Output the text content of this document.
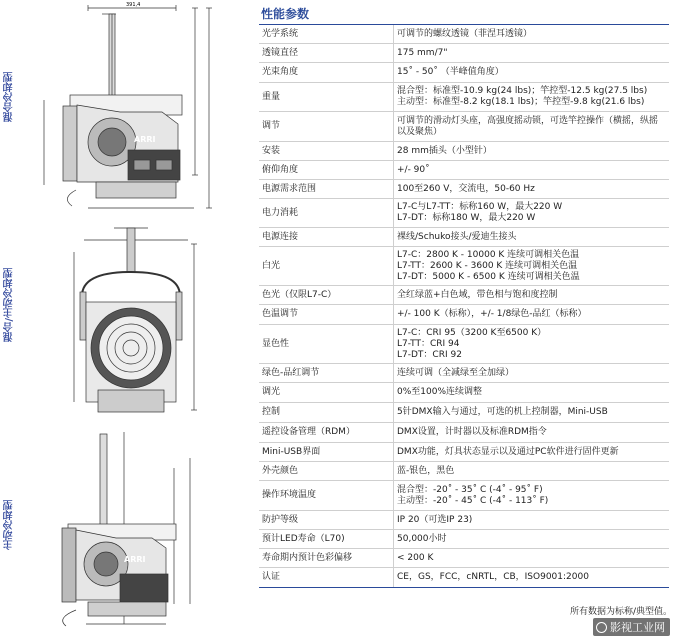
混合冷却型
混合/主动冷却型
主动冷却型
391,4
ARRI
ARRI
性能参数
光学系统	可调节的螺纹透镜（菲涅耳透镜）
透镜直径	175 mm/7"
光束角度	15˚ - 50˚ （半峰值角度）
重量	混合型：标准型-10.9 kg(24 lbs)；竿控型-12.5 kg(27.5 lbs)
主动型：标准型-8.2 kg(18.1 lbs)；竿控型-9.8 kg(21.6 lbs)
调节	可调节的滑动灯头座，高强度摇动锁，可选竿控操作（横摇，纵摇以及聚焦）
安装	28 mm插头（小型针）
俯仰角度	+/- 90˚
电源需求范围	100至260 V，交流电，50-60 Hz
电力消耗	L7-C与L7-TT：标称160 W，最大220 W
L7-DT：标称180 W，最大220 W
电源连接	裸线/Schuko接头/爱迪生接头
白光	L7-C：2800 K - 10000 K 连续可调相关色温
L7-TT：2600 K - 3600 K 连续可调相关色温
L7-DT：5000 K - 6500 K 连续可调相关色温
色光（仅限L7-C）	全红绿蓝+白色域，带色相与饱和度控制
色温调节	+/- 100 K（标称），+/- 1/8绿色-品红（标称）
显色性	L7-C：CRI 95（3200 K至6500 K）
L7-TT：CRI 94
L7-DT：CRI 92
绿色-品红调节	连续可调（全减绿至全加绿）
调光	0%至100%连续调整
控制	5针DMX输入与通过，可选的机上控制器，Mini-USB
遥控设备管理（RDM）	DMX设置，计时器以及标准RDM指令
Mini-USB界面	DMX功能，灯具状态显示以及通过PC软件进行固件更新
外壳颜色	蓝-银色，黑色
操作环境温度	混合型：-20˚ - 35˚ C (-4˚ - 95˚ F)
主动型：-20˚ - 45˚ C (-4˚ - 113˚ F)
防护等级	IP 20（可选IP 23)
预计LED寿命（L70)	50,000小时
寿命期内预计色彩偏移	< 200 K
认证	CE，GS，FCC，cNRTL，CB，ISO9001:2000
所有数据为标称/典型值。
影视工业网
